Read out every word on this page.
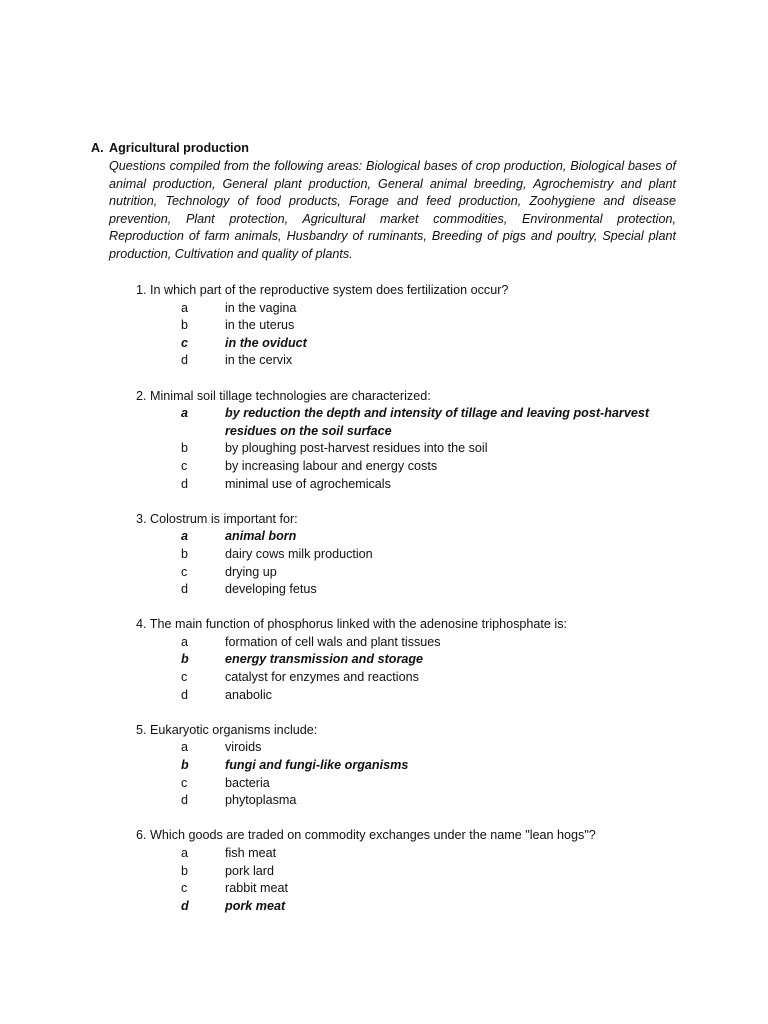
A. Agricultural production
Questions compiled from the following areas: Biological bases of crop production, Biological bases of animal production, General plant production, General animal breeding, Agrochemistry and plant nutrition, Technology of food products, Forage and feed production, Zoohygiene and disease prevention, Plant protection, Agricultural market commodities, Environmental protection, Reproduction of farm animals, Husbandry of ruminants, Breeding of pigs and poultry, Special plant production, Cultivation and quality of plants.
1. In which part of the reproductive system does fertilization occur?
a	in the vagina
b	in the uterus
c	in the oviduct
d	in the cervix
2. Minimal soil tillage technologies are characterized:
a	by reduction the depth and intensity of tillage and leaving post-harvest residues on the soil surface
b	by ploughing post-harvest residues into the soil
c	by increasing labour and energy costs
d	minimal use of agrochemicals
3. Colostrum is important for:
a	animal born
b	dairy cows milk production
c	drying up
d	developing fetus
4. The main function of phosphorus linked with the adenosine triphosphate is:
a	formation of cell wals and plant tissues
b	energy transmission and storage
c	catalyst for enzymes and reactions
d	anabolic
5. Eukaryotic organisms include:
a	viroids
b	fungi and fungi-like organisms
c	bacteria
d	phytoplasma
6. Which goods are traded on commodity exchanges under the name "lean hogs"?
a	fish meat
b	pork lard
c	rabbit meat
d	pork meat
